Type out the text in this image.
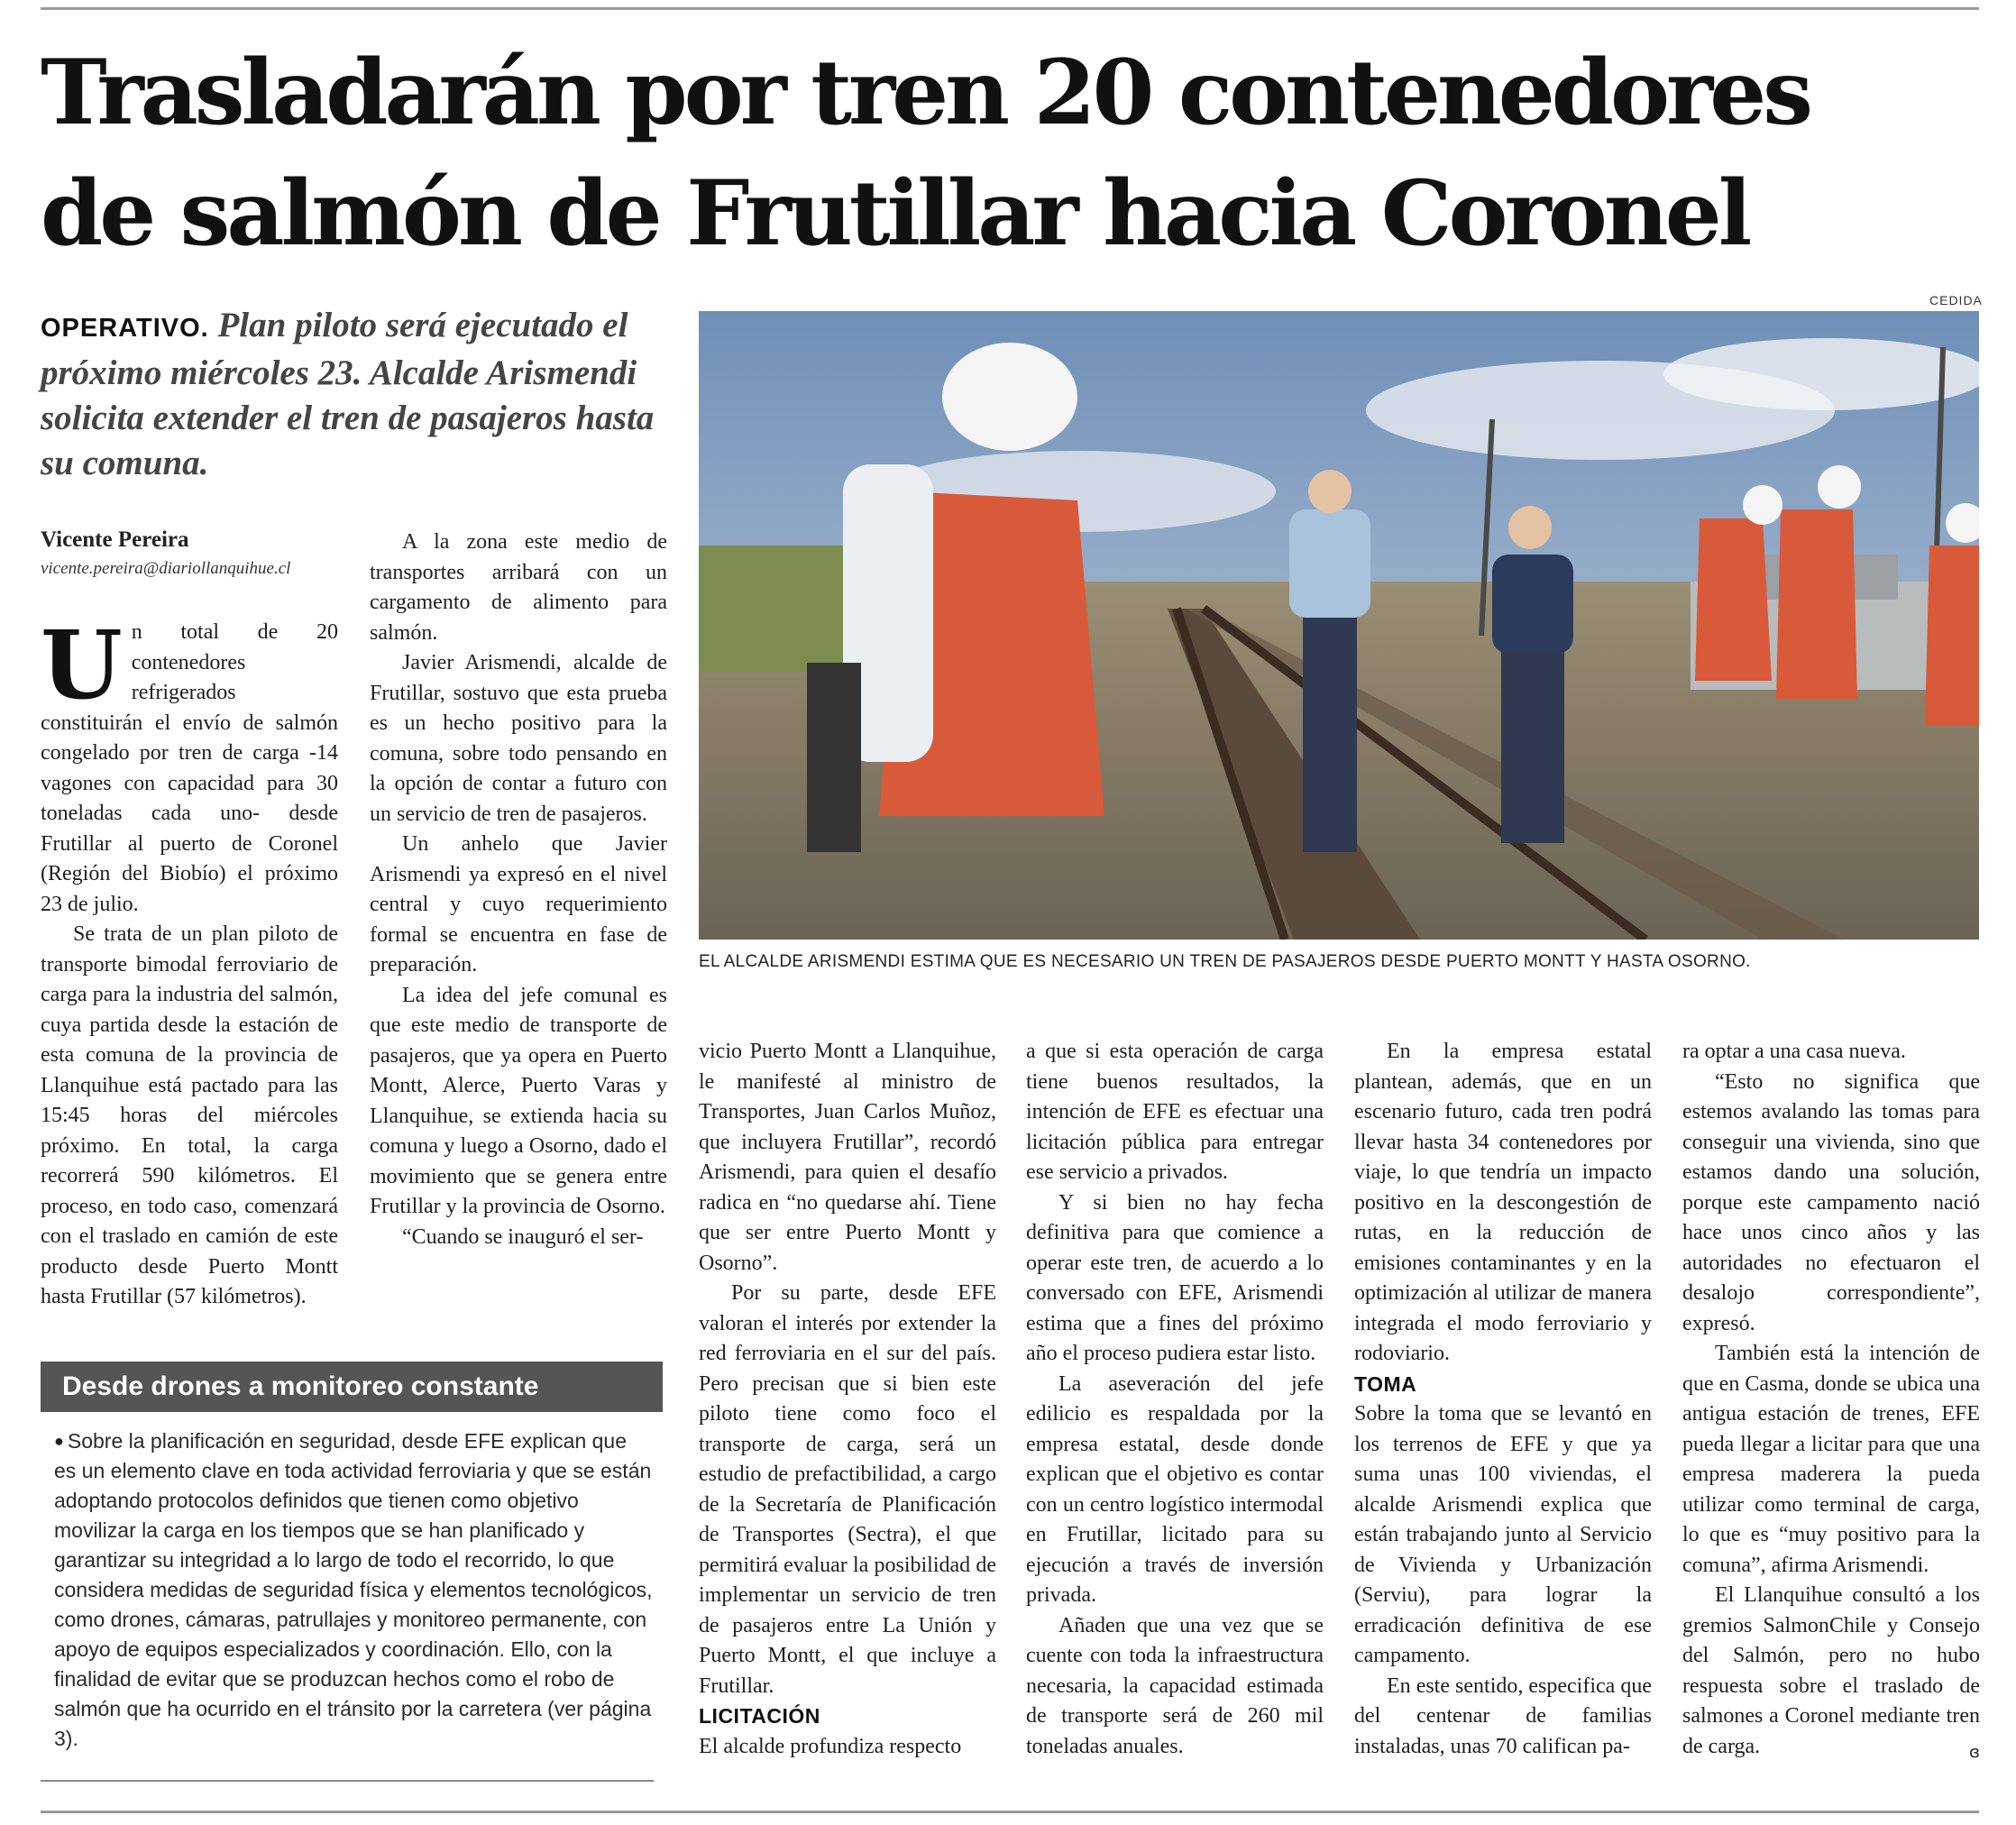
Trasladarán por tren 20 contenedores
de salmón de Frutillar hacia Coronel

OPERATIVO. Plan piloto será ejecutado el próximo miércoles 23. Alcalde Arismendi solicita extender el tren de pasajeros hasta su comuna.

CEDIDA
EL ALCALDE ARISMENDI ESTIMA QUE ES NECESARIO UN TREN DE PASAJEROS DESDE PUERTO MONTT Y HASTA OSORNO.
Vicente Pereira
vicente.pereira@diariollanquihue.cl

Un total de 20 contenedores refrigerados constituirán el envío de salmón congelado por tren de carga -14 vagones con capacidad para 30 toneladas cada uno- desde Frutillar al puerto de Coronel (Región del Biobío) el próximo 23 de julio.

Se trata de un plan piloto de transporte bimodal ferroviario de carga para la industria del salmón, cuya partida desde la estación de esta comuna de la provincia de Llanquihue está pactado para las 15:45 horas del miércoles próximo. En total, la carga recorrerá 590 kilómetros. El proceso, en todo caso, comenzará con el traslado en camión de este producto desde Puerto Montt hasta Frutillar (57 kilómetros).

A la zona este medio de transportes arribará con un cargamento de alimento para salmón.

Javier Arismendi, alcalde de Frutillar, sostuvo que esta prueba es un hecho positivo para la comuna, sobre todo pensando en la opción de contar a futuro con un servicio de tren de pasajeros.

Un anhelo que Javier Arismendi ya expresó en el nivel central y cuyo requerimiento formal se encuentra en fase de preparación.

La idea del jefe comunal es que este medio de transporte de pasajeros, que ya opera en Puerto Montt, Alerce, Puerto Varas y Llanquihue, se extienda hacia su comuna y luego a Osorno, dado el movimiento que se genera entre Frutillar y la provincia de Osorno.

“Cuando se inauguró el ser-

Desde drones a monitoreo constante
● Sobre la planificación en seguridad, desde EFE explican que es un elemento clave en toda actividad ferroviaria y que se están adoptando protocolos definidos que tienen como objetivo movilizar la carga en los tiempos que se han planificado y garantizar su integridad a lo largo de todo el recorrido, lo que considera medidas de seguridad física y elementos tecnológicos, como drones, cámaras, patrullajes y monitoreo permanente, con apoyo de equipos especializados y coordinación. Ello, con la finalidad de evitar que se produzcan hechos como el robo de salmón que ha ocurrido en el tránsito por la carretera (ver página 3).

vicio Puerto Montt a Llanquihue, le manifesté al ministro de Transportes, Juan Carlos Muñoz, que incluyera Frutillar”, recordó Arismendi, para quien el desafío radica en “no quedarse ahí. Tiene que ser entre Puerto Montt y Osorno”.

Por su parte, desde EFE valoran el interés por extender la red ferroviaria en el sur del país. Pero precisan que si bien este piloto tiene como foco el transporte de carga, será un estudio de prefactibilidad, a cargo de la Secretaría de Planificación de Transportes (Sectra), el que permitirá evaluar la posibilidad de implementar un servicio de tren de pasajeros entre La Unión y Puerto Montt, el que incluye a Frutillar.

LICITACIÓN

El alcalde profundiza respecto

a que si esta operación de carga tiene buenos resultados, la intención de EFE es efectuar una licitación pública para entregar ese servicio a privados.

Y si bien no hay fecha definitiva para que comience a operar este tren, de acuerdo a lo conversado con EFE, Arismendi estima que a fines del próximo año el proceso pudiera estar listo.

La aseveración del jefe edilicio es respaldada por la empresa estatal, desde donde explican que el objetivo es contar con un centro logístico intermodal en Frutillar, licitado para su ejecución a través de inversión privada.

Añaden que una vez que se cuente con toda la infraestructura necesaria, la capacidad estimada de transporte será de 260 mil toneladas anuales.

En la empresa estatal plantean, además, que en un escenario futuro, cada tren podrá llevar hasta 34 contenedores por viaje, lo que tendría un impacto positivo en la descongestión de rutas, en la reducción de emisiones contaminantes y en la optimización al utilizar de manera integrada el modo ferroviario y rodoviario.

TOMA

Sobre la toma que se levantó en los terrenos de EFE y que ya suma unas 100 viviendas, el alcalde Arismendi explica que están trabajando junto al Servicio de Vivienda y Urbanización (Serviu), para lograr la erradicación definitiva de ese campamento.

En este sentido, especifica que del centenar de familias instaladas, unas 70 califican pa-

ra optar a una casa nueva.

“Esto no significa que estemos avalando las tomas para conseguir una vivienda, sino que estamos dando una solución, porque este campamento nació hace unos cinco años y las autoridades no efectuaron el desalojo correspondiente”, expresó.

También está la intención de que en Casma, donde se ubica una antigua estación de trenes, EFE pueda llegar a licitar para que una empresa maderera la pueda utilizar como terminal de carga, lo que es “muy positivo para la comuna”, afirma Arismendi.

El Llanquihue consultó a los gremios SalmonChile y Consejo del Salmón, pero no hubo respuesta sobre el traslado de salmones a Coronel mediante tren de carga.	ɞ
